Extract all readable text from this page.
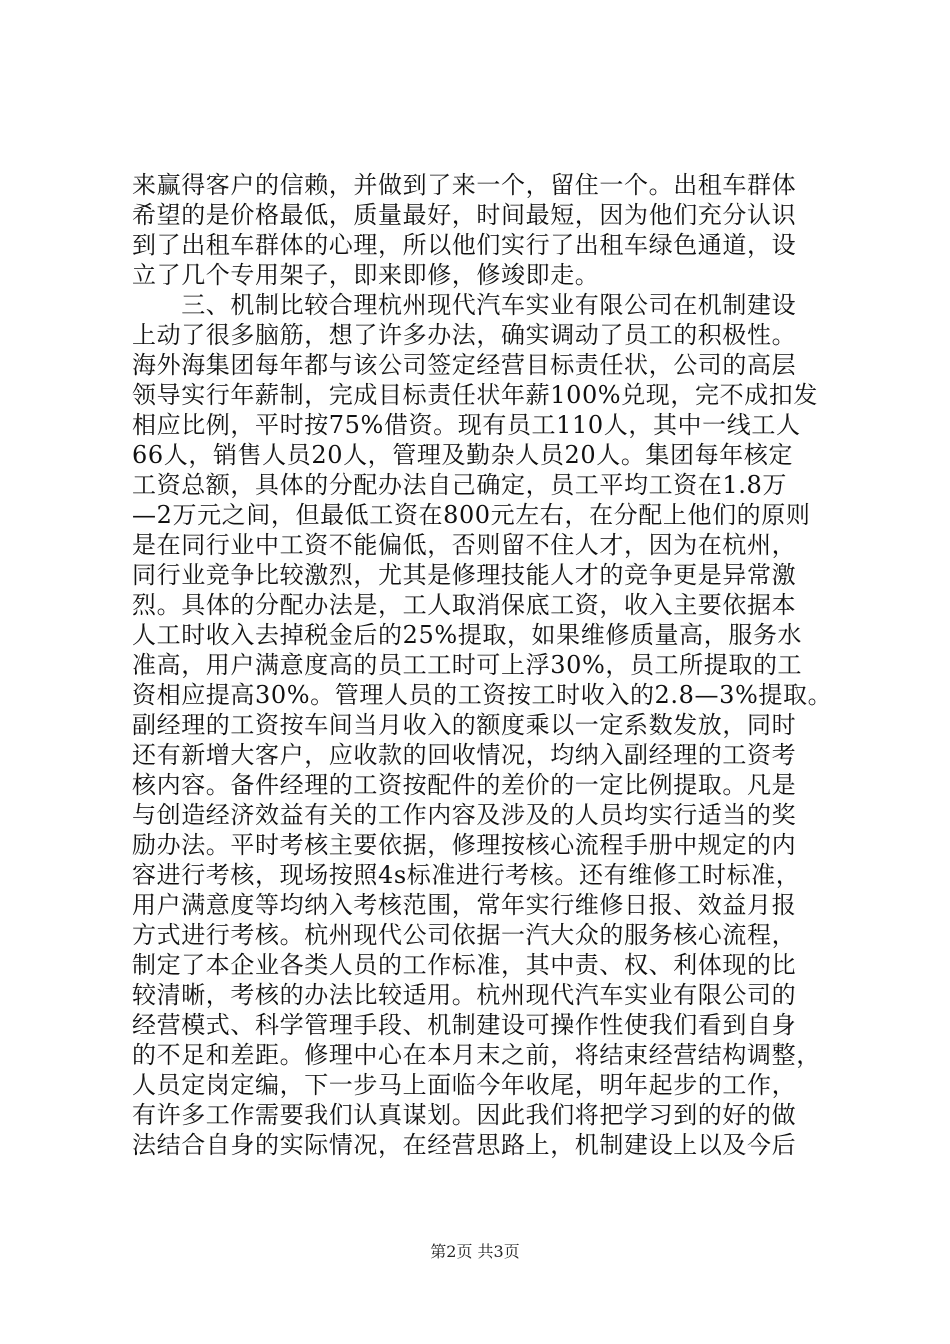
来赢得客户的信赖，并做到了来一个，留住一个。出租车群体
希望的是价格最低，质量最好，时间最短，因为他们充分认识
到了出租车群体的心理，所以他们实行了出租车绿色通道，设
立了几个专用架子，即来即修，修竣即走。
　　三、机制比较合理杭州现代汽车实业有限公司在机制建设
上动了很多脑筋，想了许多办法，确实调动了员工的积极性。
海外海集团每年都与该公司签定经营目标责任状，公司的高层
领导实行年薪制，完成目标责任状年薪100%兑现，完不成扣发
相应比例，平时按75%借资。现有员工110人，其中一线工人
66人，销售人员20人，管理及勤杂人员20人。集团每年核定
工资总额，具体的分配办法自己确定，员工平均工资在1.8万
—2万元之间，但最低工资在800元左右，在分配上他们的原则
是在同行业中工资不能偏低，否则留不住人才，因为在杭州，
同行业竞争比较激烈，尤其是修理技能人才的竞争更是异常激
烈。具体的分配办法是，工人取消保底工资，收入主要依据本
人工时收入去掉税金后的25%提取，如果维修质量高，服务水
准高，用户满意度高的员工工时可上浮30%，员工所提取的工
资相应提高30%。管理人员的工资按工时收入的2.8—3%提取。
副经理的工资按车间当月收入的额度乘以一定系数发放，同时
还有新增大客户，应收款的回收情况，均纳入副经理的工资考
核内容。备件经理的工资按配件的差价的一定比例提取。凡是
与创造经济效益有关的工作内容及涉及的人员均实行适当的奖
励办法。平时考核主要依据，修理按核心流程手册中规定的内
容进行考核，现场按照4s标准进行考核。还有维修工时标准，
用户满意度等均纳入考核范围，常年实行维修日报、效益月报
方式进行考核。杭州现代公司依据一汽大众的服务核心流程，
制定了本企业各类人员的工作标准，其中责、权、利体现的比
较清晰，考核的办法比较适用。杭州现代汽车实业有限公司的
经营模式、科学管理手段、机制建设可操作性使我们看到自身
的不足和差距。修理中心在本月末之前，将结束经营结构调整，
人员定岗定编，下一步马上面临今年收尾，明年起步的工作，
有许多工作需要我们认真谋划。因此我们将把学习到的好的做
法结合自身的实际情况，在经营思路上，机制建设上以及今后
第2页 共3页
